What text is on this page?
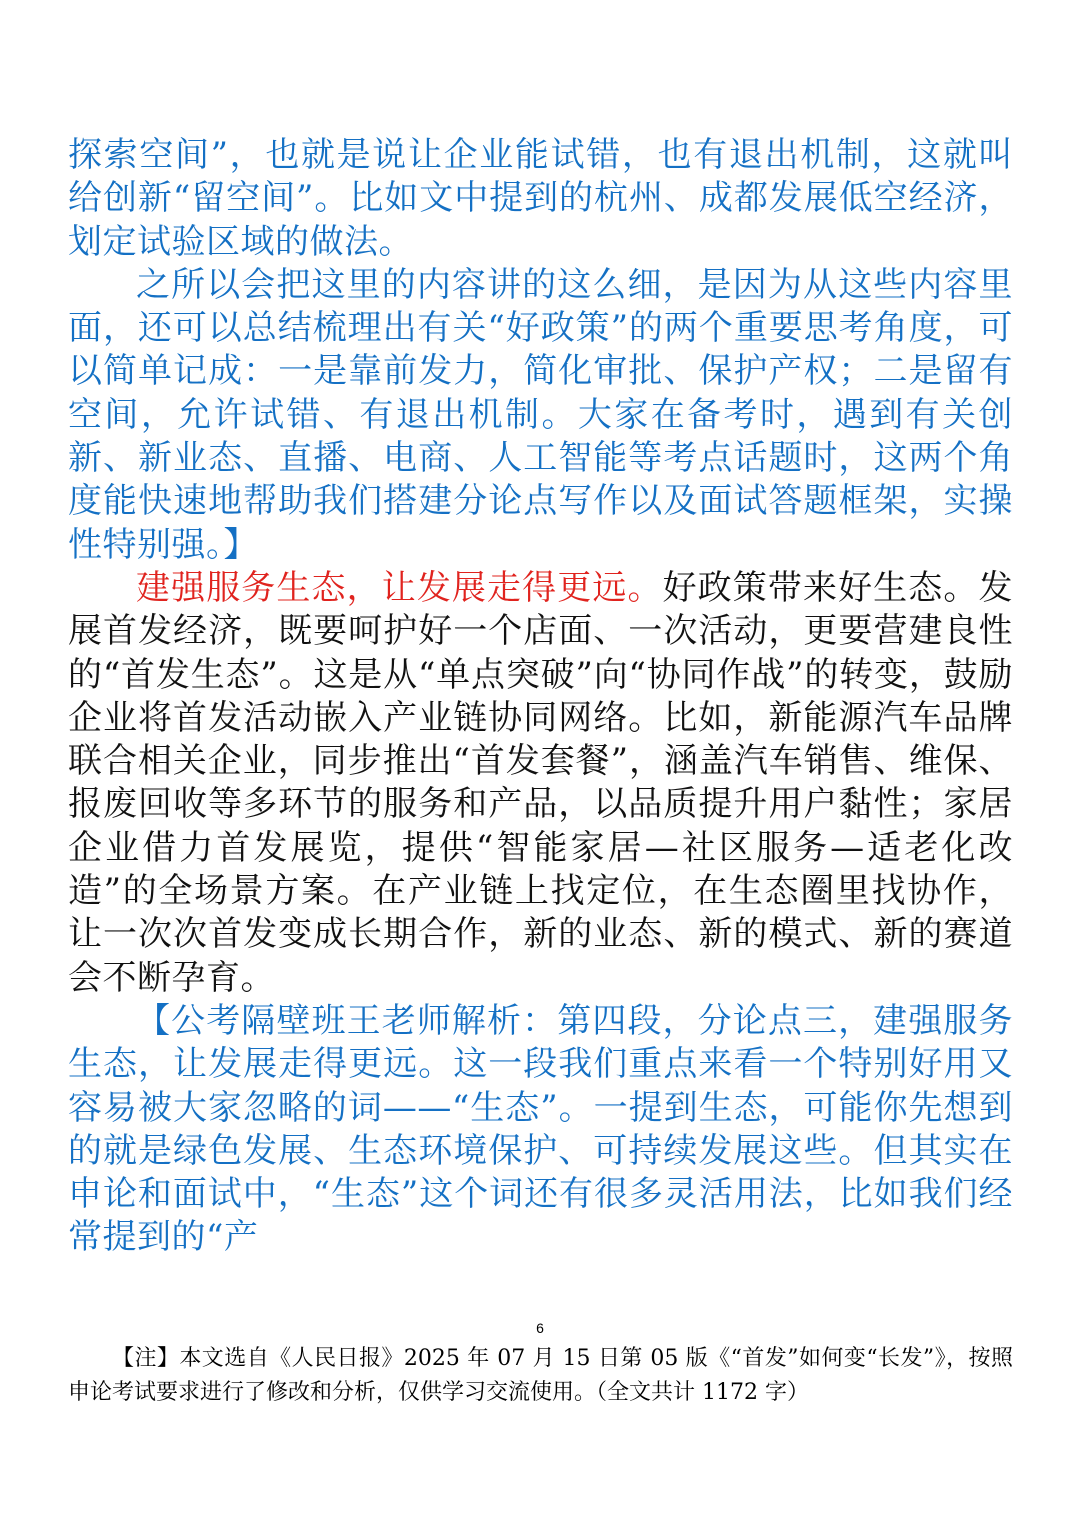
探索空间”，也就是说让企业能试错，也有退出机制，这就叫给创新“留空间”。比如文中提到的杭州、成都发展低空经济，划定试验区域的做法。

之所以会把这里的内容讲的这么细，是因为从这些内容里面，还可以总结梳理出有关“好政策”的两个重要思考角度，可以简单记成：一是靠前发力，简化审批、保护产权；二是留有空间，允许试错、有退出机制。大家在备考时，遇到有关创新、新业态、直播、电商、人工智能等考点话题时，这两个角度能快速地帮助我们搭建分论点写作以及面试答题框架，实操性特别强。】

建强服务生态，让发展走得更远。好政策带来好生态。发展首发经济，既要呵护好一个店面、一次活动，更要营建良性的“首发生态”。这是从“单点突破”向“协同作战”的转变，鼓励企业将首发活动嵌入产业链协同网络。比如，新能源汽车品牌联合相关企业，同步推出“首发套餐”，涵盖汽车销售、维保、报废回收等多环节的服务和产品，以品质提升用户黏性；家居企业借力首发展览，提供“智能家居—社区服务—适老化改造”的全场景方案。在产业链上找定位，在生态圈里找协作，让一次次首发变成长期合作，新的业态、新的模式、新的赛道会不断孕育。

【公考隔壁班王老师解析：第四段，分论点三，建强服务生态，让发展走得更远。这一段我们重点来看一个特别好用又容易被大家忽略的词——“生态”。一提到生态，可能你先想到的就是绿色发展、生态环境保护、可持续发展这些。但其实在申论和面试中，“生态”这个词还有很多灵活用法，比如我们经常提到的“产

6
【注】本文选自《人民日报》2025 年 07 月 15 日第 05 版《“首发”如何变“长发”》，按照申论考试要求进行了修改和分析，仅供学习交流使用。（全文共计 1172 字）
